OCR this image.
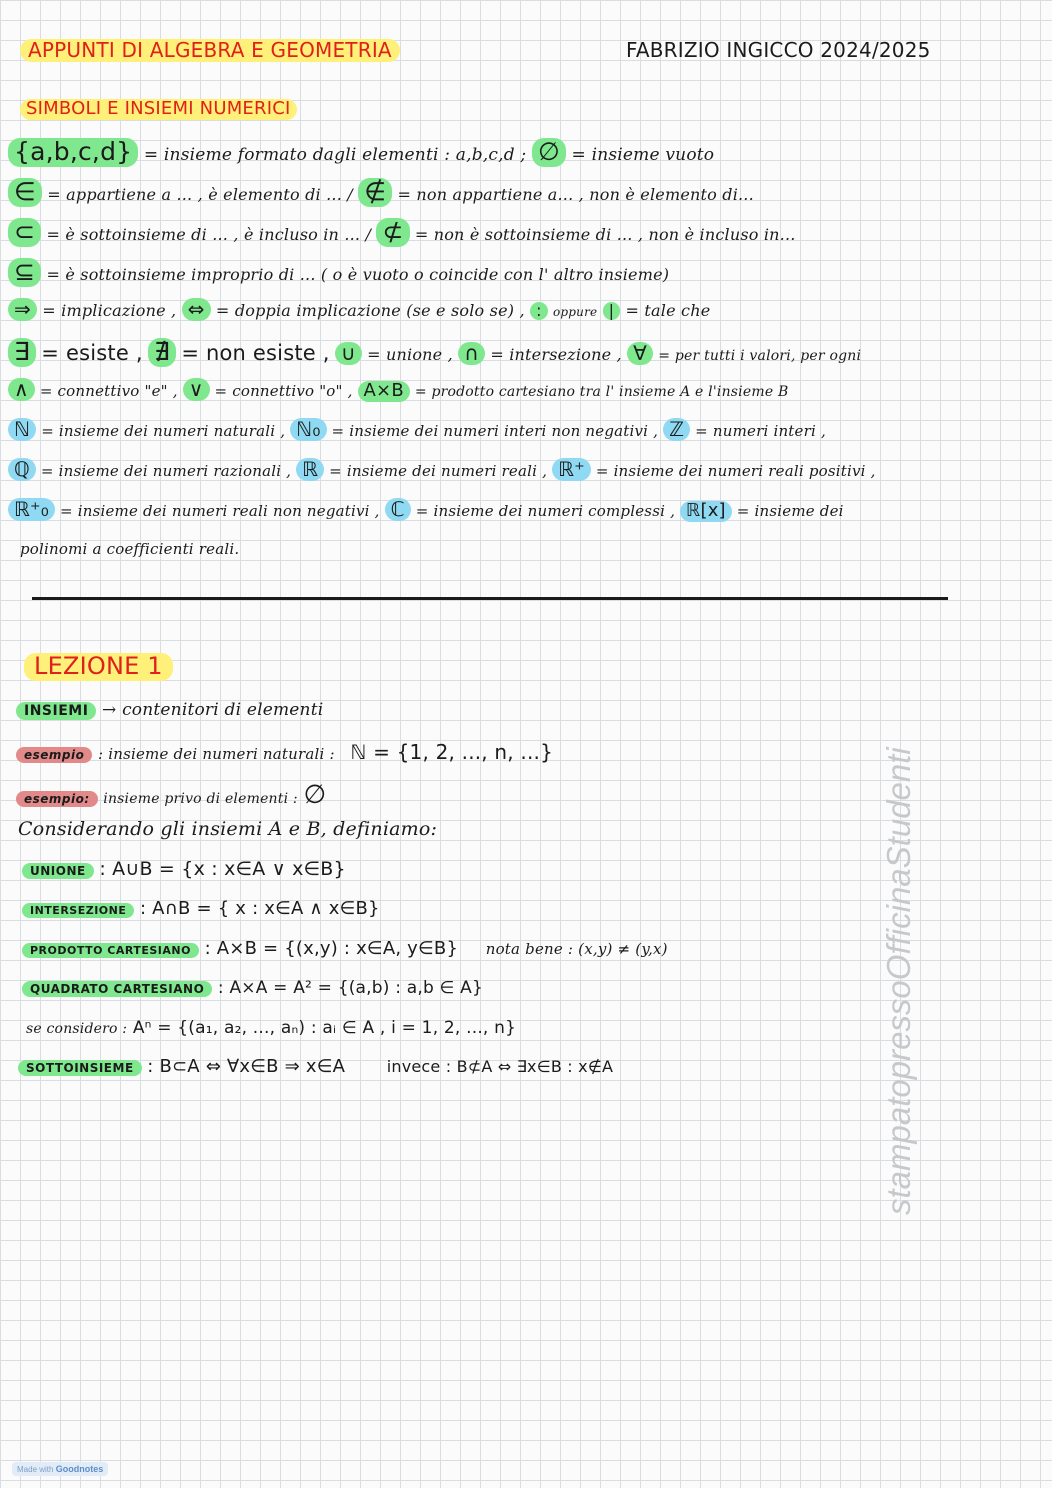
APPUNTI DI ALGEBRA E GEOMETRIA	FABRIZIO INGICCO 2024/2025
SIMBOLI E INSIEMI NUMERICI
{a,b,c,d} = insieme formato dagli elementi : a,b,c,d ; ∅ = insieme vuoto
∈ = appartiene a ... , è elemento di ... / ∉ = non appartiene a... , non è elemento di...
⊂ = è sottoinsieme di ... , è incluso in ... / ⊄ = non è sottoinsieme di ... , non è incluso in...
⊆ = è sottoinsieme improprio di ... ( o è vuoto o coincide con l' altro insieme)
⇒ = implicazione , ⇔ = doppia implicazione (se e solo se) , : oppure | = tale che
∃ = esiste , ∄ = non esiste , ∪ = unione , ∩ = intersezione , ∀ = per tutti i valori, per ogni
∧ = connettivo "e" , ∨ = connettivo "o" , A×B = prodotto cartesiano tra l' insieme A e l'insieme B
ℕ = insieme dei numeri naturali , ℕ₀ = insieme dei numeri interi non negativi , ℤ = numeri interi ,
ℚ = insieme dei numeri razionali , ℝ = insieme dei numeri reali , ℝ⁺ = insieme dei numeri reali positivi ,
ℝ⁺₀ = insieme dei numeri reali non negativi , ℂ = insieme dei numeri complessi , ℝ[x] = insieme dei
polinomi a coefficienti reali.
LEZIONE 1
INSIEMI → contenitori di elementi
esempio : insieme dei numeri naturali : ℕ = {1, 2, ..., n, ...}
esempio: insieme privo di elementi : ∅
Considerando gli insiemi A e B, definiamo:
UNIONE : A∪B = {x : x∈A ∨ x∈B}
INTERSEZIONE : A∩B = { x : x∈A ∧ x∈B}
PRODOTTO CARTESIANO : A×B = {(x,y) : x∈A, y∈B} nota bene : (x,y) ≠ (y,x)
QUADRATO CARTESIANO : A×A = A² = {(a,b) : a,b ∈ A}
se considero : Aⁿ = {(a₁, a₂, ..., aₙ) : aᵢ ∈ A , i = 1, 2, ..., n}
SOTTOINSIEME : B⊂A ⇔ ∀x∈B ⇒ x∈A	invece : B⊄A ⇔ ∃x∈B : x∉A	stampatopressoOfficinaStudenti
Made with Goodnotes
